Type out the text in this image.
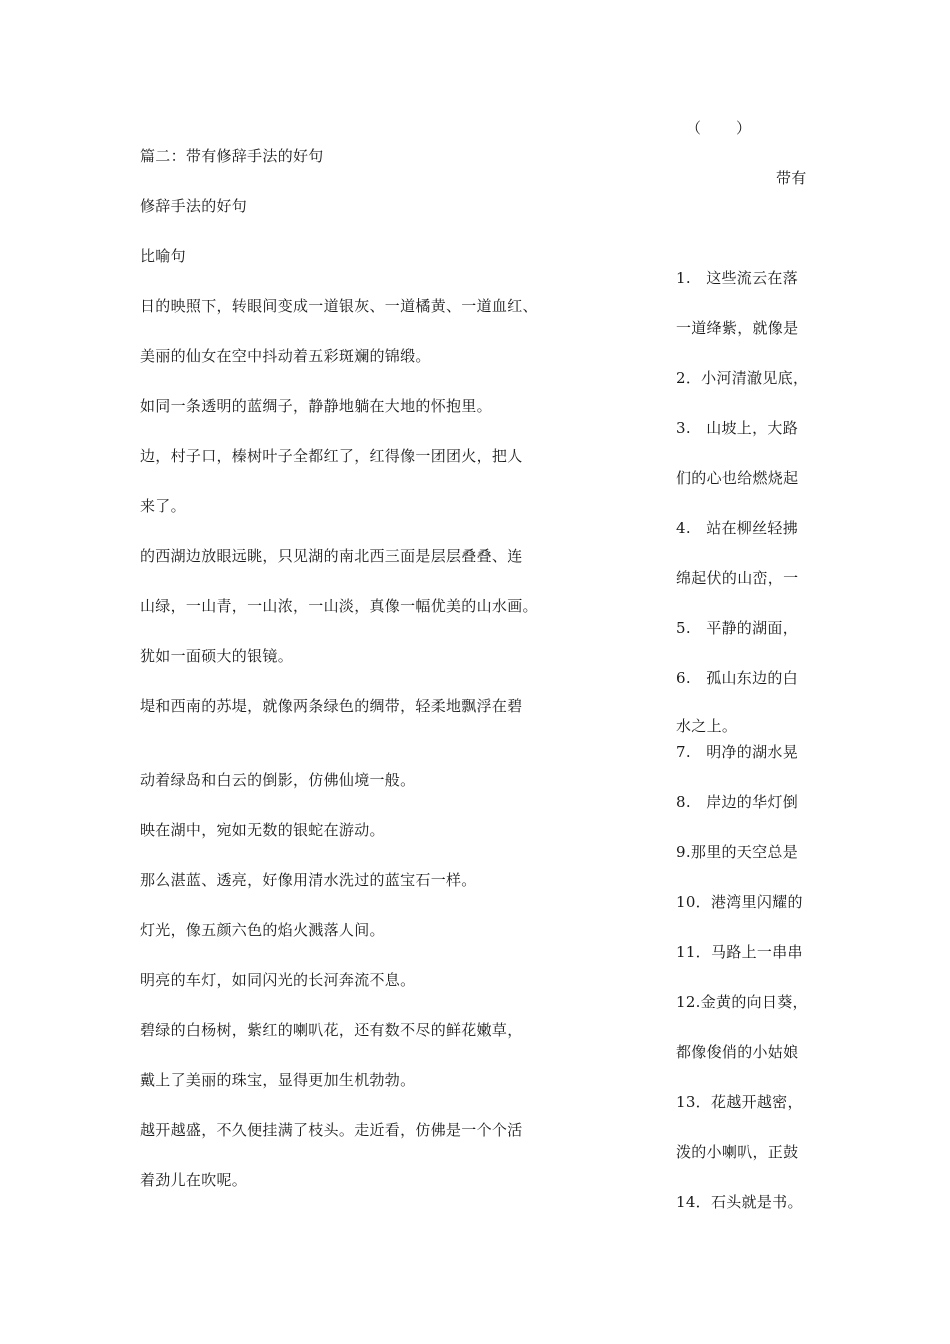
（ ）
带有
1.　这些流云在落
一道绛紫，就像是
2．小河清澈见底，
3.　山坡上，大路
们的心也给燃烧起
4.　站在柳丝轻拂
绵起伏的山峦，一
5.　平静的湖面，
6.　孤山东边的白
水之上。
7.　明净的湖水晃
8.　岸边的华灯倒
9.那里的天空总是
10．港湾里闪耀的
11．马路上一串串
12.金黄的向日葵，
都像俊俏的小姑娘
13．花越开越密，
泼的小喇叭，正鼓
14．石头就是书。
篇二：带有修辞手法的好句
修辞手法的好句
比喻句
日的映照下，转眼间变成一道银灰、一道橘黄、一道血红、
美丽的仙女在空中抖动着五彩斑斓的锦缎。
如同一条透明的蓝绸子，静静地躺在大地的怀抱里。
边，村子口，榛树叶子全都红了，红得像一团团火，把人
来了。
的西湖边放眼远眺，只见湖的南北西三面是层层叠叠、连
山绿，一山青，一山浓，一山淡，真像一幅优美的山水画。
犹如一面硕大的银镜。
堤和西南的苏堤，就像两条绿色的绸带，轻柔地飘浮在碧
动着绿岛和白云的倒影，仿佛仙境一般。
映在湖中，宛如无数的银蛇在游动。
那么湛蓝、透亮，好像用清水洗过的蓝宝石一样。
灯光，像五颜六色的焰火溅落人间。
明亮的车灯，如同闪光的长河奔流不息。
碧绿的白杨树，紫红的喇叭花，还有数不尽的鲜花嫩草，
戴上了美丽的珠宝，显得更加生机勃勃。
越开越盛，不久便挂满了枝头。走近看，仿佛是一个个活
着劲儿在吹呢。
